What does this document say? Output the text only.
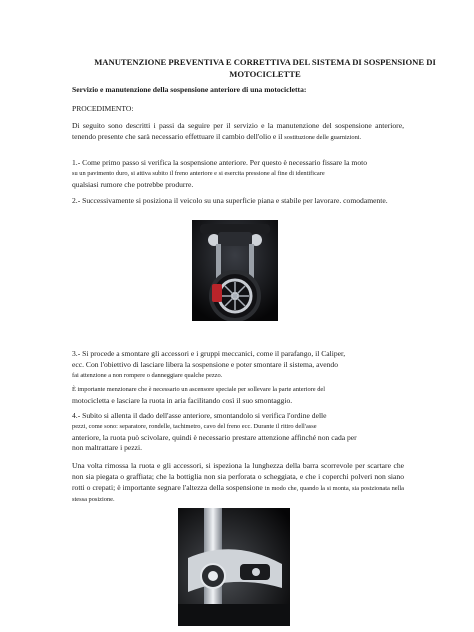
MANUTENZIONE PREVENTIVA E CORRETTIVA DEL SISTEMA DI SOSPENSIONE DI
MOTOCICLETTE
Servizio e manutenzione della sospensione anteriore di una motocicletta:
PROCEDIMENTO:
Di seguito sono descritti i passi da seguire per il servizio e la manutenzione del sospensione anteriore, tenendo presente che sarà necessario effettuare il cambio dell'olio e il sostituzione delle guarnizioni.
1.- Come primo passo si verifica la sospensione anteriore. Per questo è necessario fissare la moto
su un pavimento duro, si attiva subito il freno anteriore e si esercita pressione al fine di identificare
qualsiasi rumore che potrebbe produrre.
2.- Successivamente si posiziona il veicolo su una superficie piana e stabile per lavorare. comodamente.
3.- Si procede a smontare gli accessori e i gruppi meccanici, come il parafango, il Caliper,
ecc. Con l'obiettivo di lasciare libera la sospensione e poter smontare il sistema, avendo
fai attenzione a non rompere o danneggiare qualche pezzo.
È importante menzionare che è necessario un ascensore speciale per sollevare la parte anteriore del
motocicletta e lasciare la ruota in aria facilitando così il suo smontaggio.
4.- Subito si allenta il dado dell'asse anteriore, smontandolo si verifica l'ordine delle
pezzi, come sono: separatore, rondelle, tachimetro, cavo del freno ecc. Durante il ritiro dell'asse
anteriore, la ruota può scivolare, quindi è necessario prestare attenzione affinché non cada per
non maltrattare i pezzi.
Una volta rimossa la ruota e gli accessori, si ispeziona la lunghezza della barra scorrevole per scartare che non sia piegata o graffiata; che la bottiglia non sia perforata o scheggiata, e che i coperchi polveri non siano rotti o crepati; è importante segnare l'altezza della sospensione in modo che, quando la si monta, sia posizionata nella stessa posizione.
